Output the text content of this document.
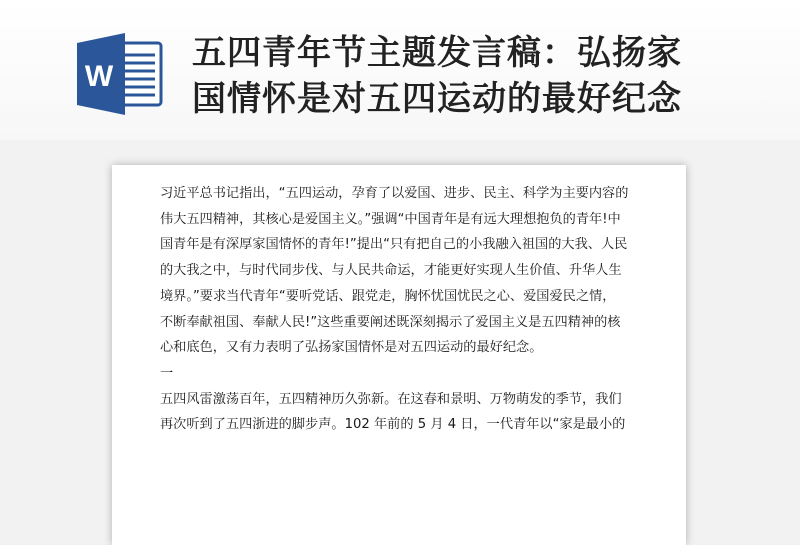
W
五四青年节主题发言稿：弘扬家
国情怀是对五四运动的最好纪念
习近平总书记指出，“五四运动，孕育了以爱国、进步、民主、科学为主要内容的
伟大五四精神，其核心是爱国主义。”强调“中国青年是有远大理想抱负的青年!中
国青年是有深厚家国情怀的青年!”提出“只有把自己的小我融入祖国的大我、人民
的大我之中，与时代同步伐、与人民共命运，才能更好实现人生价值、升华人生
境界。”要求当代青年“要听党话、跟党走，胸怀忧国忧民之心、爱国爱民之情，
不断奉献祖国、奉献人民!”这些重要阐述既深刻揭示了爱国主义是五四精神的核
心和底色，又有力表明了弘扬家国情怀是对五四运动的最好纪念。
一
五四风雷激荡百年，五四精神历久弥新。在这春和景明、万物萌发的季节，我们
再次听到了五四浙进的脚步声。102 年前的 5 月 4 日，一代青年以“家是最小的
